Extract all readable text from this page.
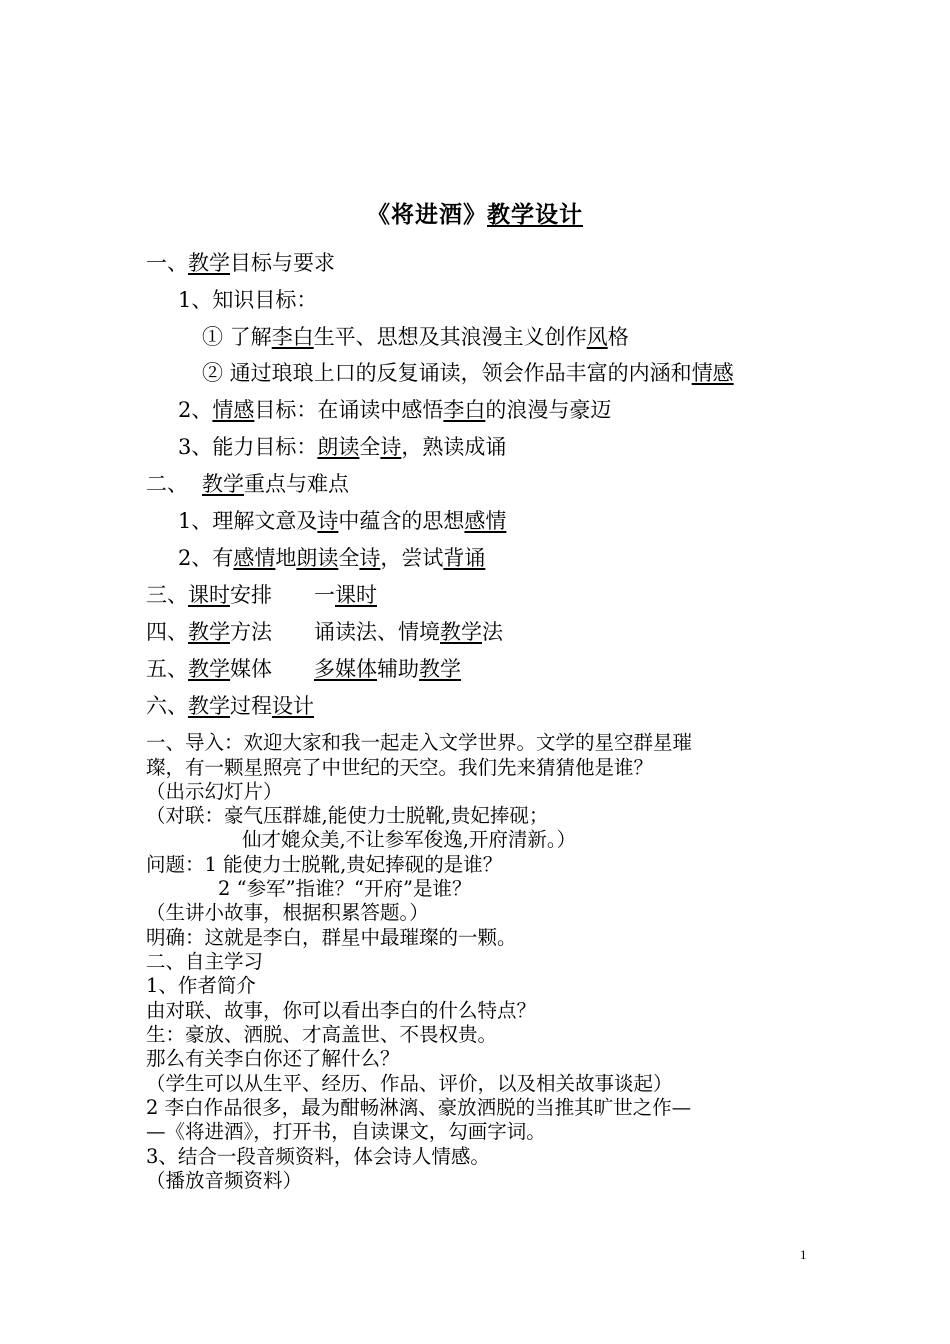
《将进酒》教学设计
一、教学目标与要求
1、知识目标：
① 了解李白生平、思想及其浪漫主义创作风格
② 通过琅琅上口的反复诵读，领会作品丰富的内涵和情感
2、情感目标：在诵读中感悟李白的浪漫与豪迈
3、能力目标：朗读全诗，熟读成诵
二、 教学重点与难点
1、理解文意及诗中蕴含的思想感情
2、有感情地朗读全诗，尝试背诵
三、课时安排 一课时
四、教学方法 诵读法、情境教学法
五、教学媒体 多媒体辅助教学
六、教学过程设计
一、导入：欢迎大家和我一起走入文学世界。文学的星空群星璀
璨，有一颗星照亮了中世纪的天空。我们先来猜猜他是谁？
（出示幻灯片）
（对联：豪气压群雄,能使力士脱靴,贵妃捧砚；
仙才媲众美,不让参军俊逸,开府清新。）
问题：1 能使力士脱靴,贵妃捧砚的是谁？
2 “参军”指谁？“开府”是谁？
（生讲小故事，根据积累答题。）
明确：这就是李白，群星中最璀璨的一颗。
二、自主学习
1、作者简介
由对联、故事，你可以看出李白的什么特点？
生：豪放、洒脱、才高盖世、不畏权贵。
那么有关李白你还了解什么？
（学生可以从生平、经历、作品、评价，以及相关故事谈起）
2 李白作品很多，最为酣畅淋漓、豪放洒脱的当推其旷世之作—
—《将进酒》，打开书，自读课文，勾画字词。
3、结合一段音频资料，体会诗人情感。
（播放音频资料）
1
